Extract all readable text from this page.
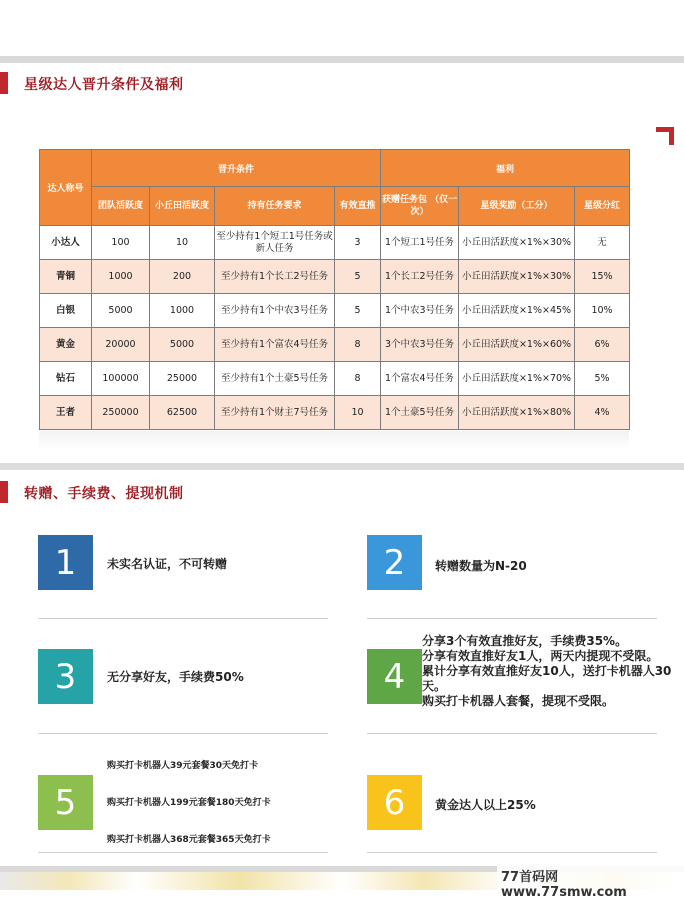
星级达人晋升条件及福利
达人称号	晋升条件				福利		
	团队活跃度	小丘田活跃度	持有任务要求	有效直推	获赠任务包 （仅一次）	星级奖励（工分）	星级分红
小达人	100	10	至少持有1个短工1号任务或新人任务	3	1个短工1号任务	小丘田活跃度×1%×30%	无
青铜	1000	200	至少持有1个长工2号任务	5	1个长工2号任务	小丘田活跃度×1%×30%	15%
白银	5000	1000	至少持有1个中农3号任务	5	1个中农3号任务	小丘田活跃度×1%×45%	10%
黄金	20000	5000	至少持有1个富农4号任务	8	3个中农3号任务	小丘田活跃度×1%×60%	6%
钻石	100000	25000	至少持有1个土豪5号任务	8	1个富农4号任务	小丘田活跃度×1%×70%	5%
王者	250000	62500	至少持有1个财主7号任务	10	1个土豪5号任务	小丘田活跃度×1%×80%	4%
转赠、手续费、提现机制
1	未实名认证，不可转赠	2	转赠数量为N-20
3	无分享好友，手续费50%	4
分享3个有效直推好友，手续费35%。
分享有效直推好友1人，两天内提现不受限。
累计分享有效直推好友10人，送打卡机器人30
天。
购买打卡机器人套餐，提现不受限。
5
购买打卡机器人39元套餐30天免打卡
购买打卡机器人199元套餐180天免打卡
购买打卡机器人368元套餐365天免打卡
6	黄金达人以上25%
77首码网 www.77smw.com
